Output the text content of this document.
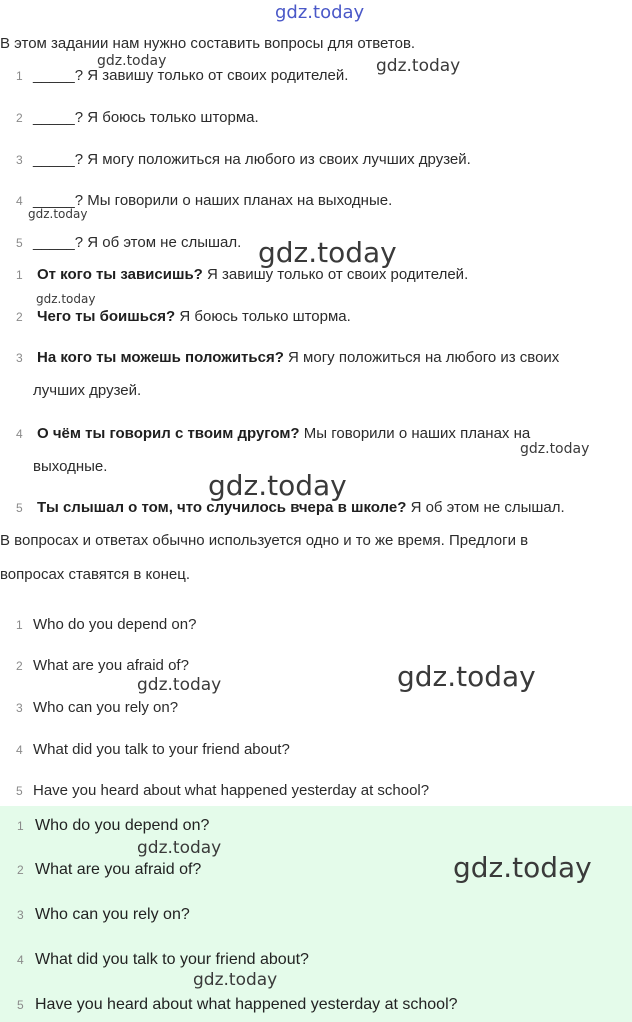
gdz.today
В этом задании нам нужно составить вопросы для ответов.
1 _____? Я завишу только от своих родителей.
2 _____? Я боюсь только шторма.
3 _____? Я могу положиться на любого из своих лучших друзей.
4 _____? Мы говорили о наших планах на выходные.
5 _____? Я об этом не слышал.
1 От кого ты зависишь? Я завишу только от своих родителей.
2 Чего ты боишься? Я боюсь только шторма.
3 На кого ты можешь положиться? Я могу положиться на любого из своих
лучших друзей.
4 О чём ты говорил с твоим другом? Мы говорили о наших планах на
выходные.
5 Ты слышал о том, что случилось вчера в школе? Я об этом не слышал.
В вопросах и ответах обычно используется одно и то же время. Предлоги в
вопросах ставятся в конец.
1 Who do you depend on?
2 What are you afraid of?
3 Who can you rely on?
4 What did you talk to your friend about?
5 Have you heard about what happened yesterday at school?
1 Who do you depend on?
2 What are you afraid of?
3 Who can you rely on?
4 What did you talk to your friend about?
5 Have you heard about what happened yesterday at school?
gdz.today	gdz.today
gdz.today
gdz.today
gdz.today
gdz.today
gdz.today
gdz.today
gdz.today
gdz.today
gdz.today
gdz.today
